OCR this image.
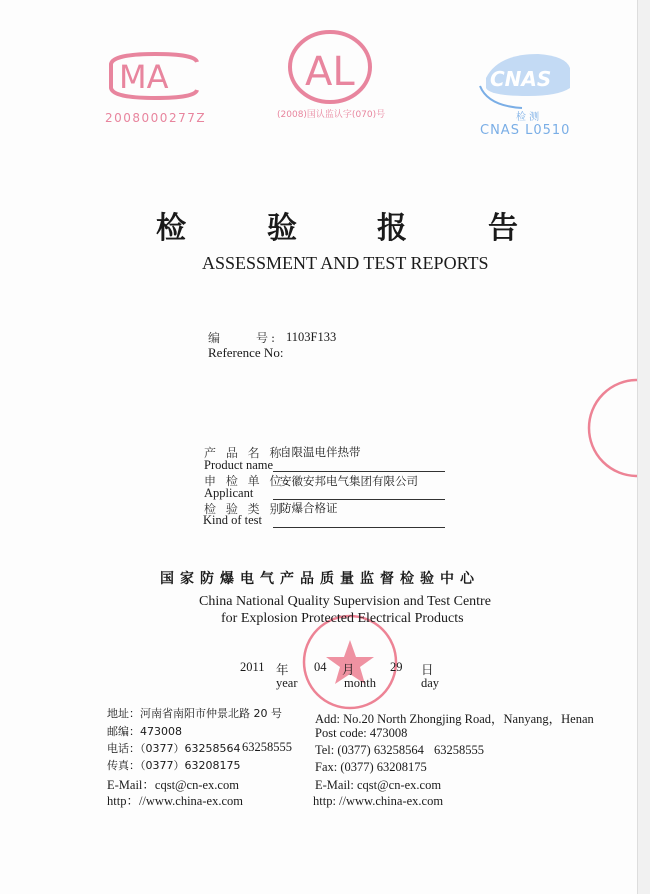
MA
2008000277Z
AL
(2008)国认监认字(070)号
CNAS
检 测
CNAS L0510
检	验	报	告
ASSESSMENT AND TEST REPORTS
编	号: 1103F133
Reference No:
产 品 名 称:
Product name
自限温电伴热带
申 检 单 位:
Applicant
安徽安邦电气集团有限公司
检 验 类 别:
Kind of test
防爆合格证
国家防爆电气产品质量监督检验中心
China National Quality Supervision and Test Centre
for Explosion Protected Electrical Products
2011 年
year
04 月
month
29 日
day
地址：河南省南阳市仲景北路 20 号
邮编：473008
电话：（0377）63258564 63258555
传真：（0377）63208175
E-Mail：cqst@cn-ex.com
http：//www.china-ex.com
Add: No.20 North Zhongjing Road，Nanyang，Henan
Post code: 473008
Tel: (0377) 63258564 63258555
Fax: (0377) 63208175
E-Mail: cqst@cn-ex.com
http: //www.china-ex.com
